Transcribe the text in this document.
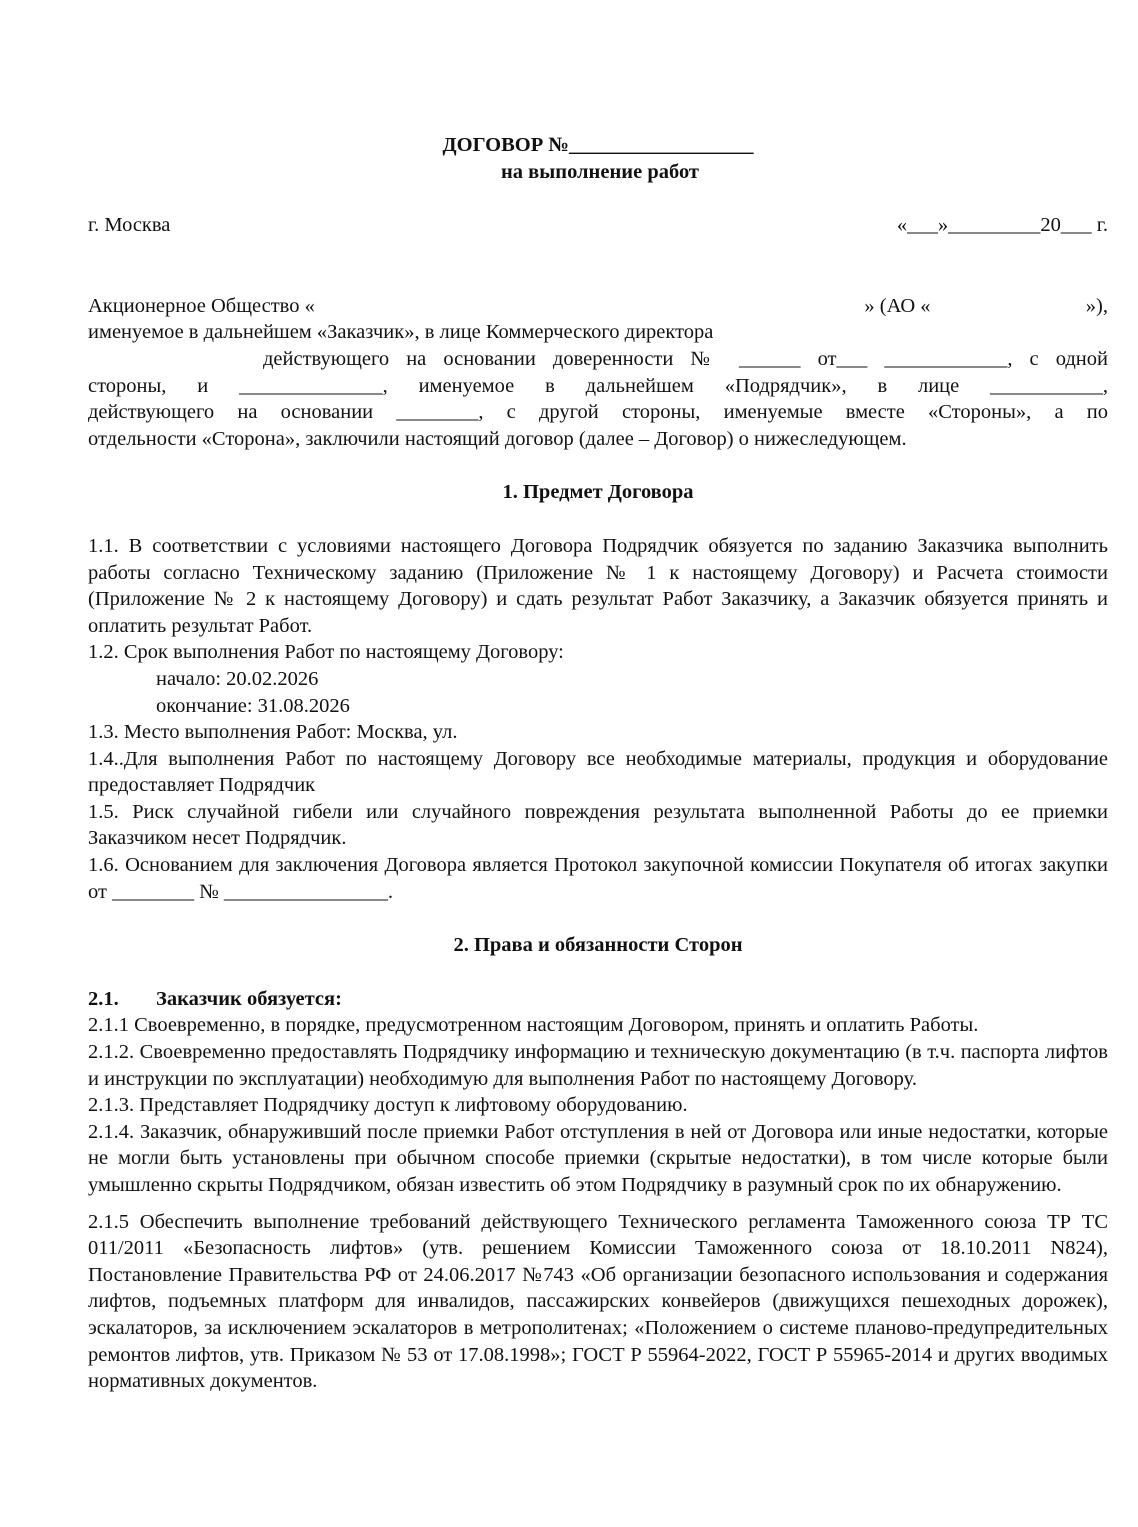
ДОГОВОР №__________________

на выполнение работ

г. Москва	«___»_________20___ г.

Акционерное Общество «	» (АО «	»),

именуемое в дальнейшем «Заказчик», в лице Коммерческого директора

действующего на основании доверенности № ______ от___ ____________, с одной

стороны, и ______________, именуемое в дальнейшем «Подрядчик», в лице ___________,

действующего на основании ________, с другой стороны, именуемые вместе «Стороны», а по

отдельности «Сторона», заключили настоящий договор (далее – Договор) о нижеследующем.

1. Предмет Договора

1.1. В соответствии с условиями настоящего Договора Подрядчик обязуется по заданию Заказчика выполнить работы согласно Техническому заданию (Приложение № 1 к настоящему Договору) и Расчета стоимости (Приложение № 2 к настоящему Договору) и сдать результат Работ Заказчику, а Заказчик обязуется принять и оплатить результат Работ.

1.2. Срок выполнения Работ по настоящему Договору:

начало: 20.02.2026

окончание: 31.08.2026

1.3. Место выполнения Работ: Москва, ул.

1.4..Для выполнения Работ по настоящему Договору все необходимые материалы, продукция и оборудование предоставляет Подрядчик

1.5. Риск случайной гибели или случайного повреждения результата выполненной Работы до ее приемки Заказчиком несет Подрядчик.

1.6. Основанием для заключения Договора является Протокол закупочной комиссии Покупателя об итогах закупки от ________ № ________________.

2. Права и обязанности Сторон

2.1. Заказчик обязуется:

2.1.1 Своевременно, в порядке, предусмотренном настоящим Договором, принять и оплатить Работы.

2.1.2. Своевременно предоставлять Подрядчику информацию и техническую документацию (в т.ч. паспорта лифтов и инструкции по эксплуатации) необходимую для выполнения Работ по настоящему Договору.

2.1.3. Представляет Подрядчику доступ к лифтовому оборудованию.

2.1.4. Заказчик, обнаруживший после приемки Работ отступления в ней от Договора или иные недостатки, которые не могли быть установлены при обычном способе приемки (скрытые недостатки), в том числе которые были умышленно скрыты Подрядчиком, обязан известить об этом Подрядчику в разумный срок по их обнаружению.

2.1.5 Обеспечить выполнение требований действующего Технического регламента Таможенного союза ТР ТС 011/2011 «Безопасность лифтов» (утв. решением Комиссии Таможенного союза от 18.10.2011 N824), Постановление Правительства РФ от 24.06.2017 №743 «Об организации безопасного использования и содержания лифтов, подъемных платформ для инвалидов, пассажирских конвейеров (движущихся пешеходных дорожек), эскалаторов, за исключением эскалаторов в метрополитенах; «Положением о системе планово-предупредительных ремонтов лифтов, утв. Приказом № 53 от 17.08.1998»; ГОСТ Р 55964-2022, ГОСТ Р 55965-2014 и других вводимых нормативных документов.
